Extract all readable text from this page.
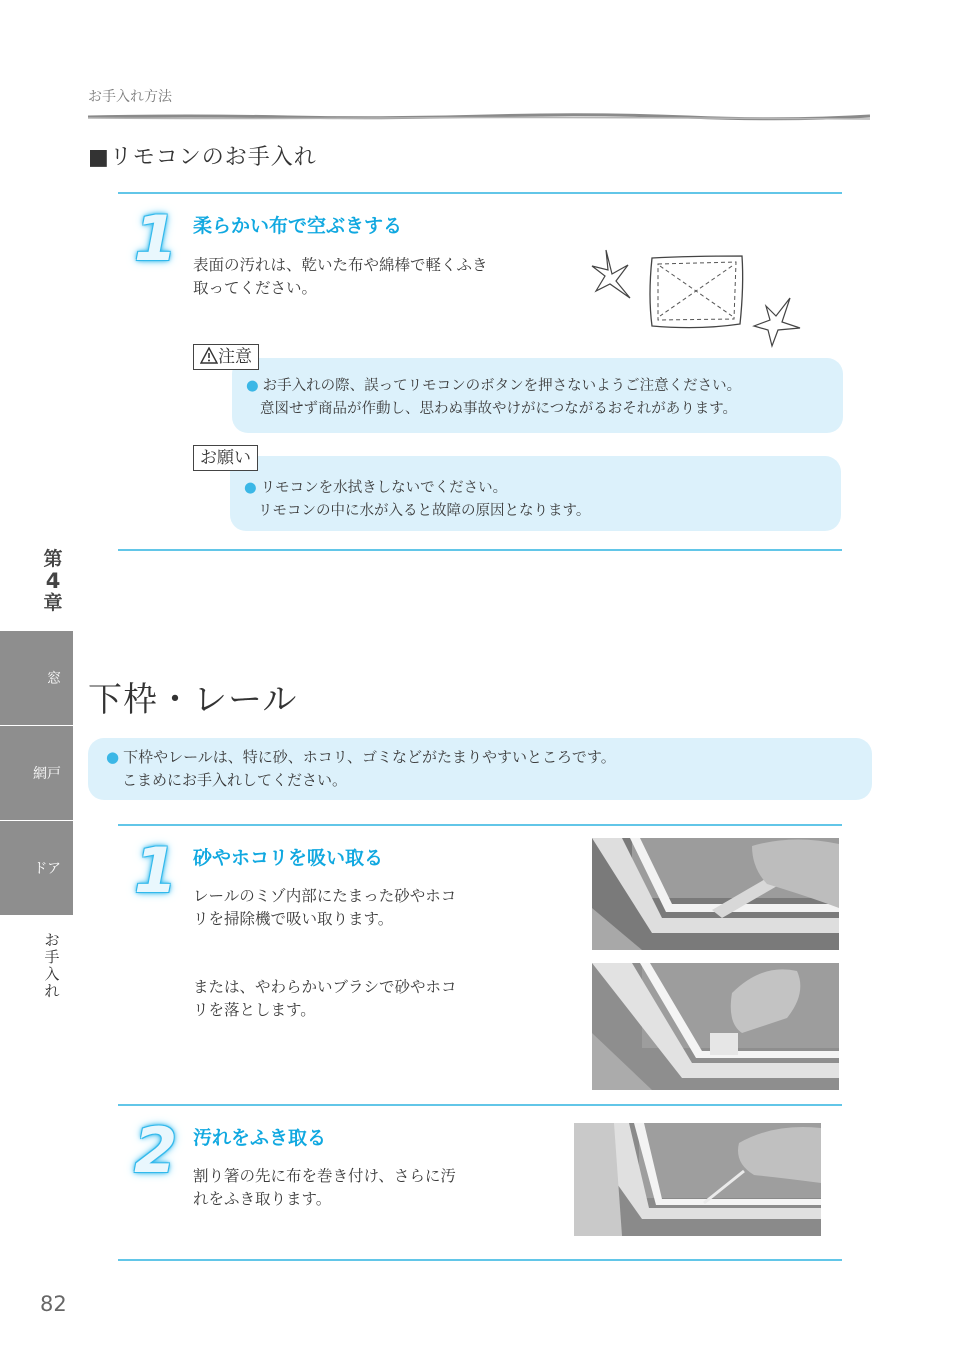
お手入れ方法
■リモコンのお手入れ
1 柔らかい布で空ぶきする
表面の汚れは、乾いた布や綿棒で軽くふき
取ってください。
注意
● お手入れの際、誤ってリモコンのボタンを押さないようご注意ください。
意図せず商品が作動し、思わぬ事故やけがにつながるおそれがあります。
お願い
● リモコンを水拭きしないでください。
リモコンの中に水が入ると故障の原因となります。
第
4
章
窓
網戸
ドア
お
手
入
れ
下枠・レール
● 下枠やレールは、特に砂、ホコリ、ゴミなどがたまりやすいところです。
こまめにお手入れしてください。
1 砂やホコリを吸い取る
レールのミゾ内部にたまった砂やホコ
リを掃除機で吸い取ります。
または、やわらかいブラシで砂やホコ
リを落とします。
2 汚れをふき取る
割り箸の先に布を巻き付け、さらに汚
れをふき取ります。
82
